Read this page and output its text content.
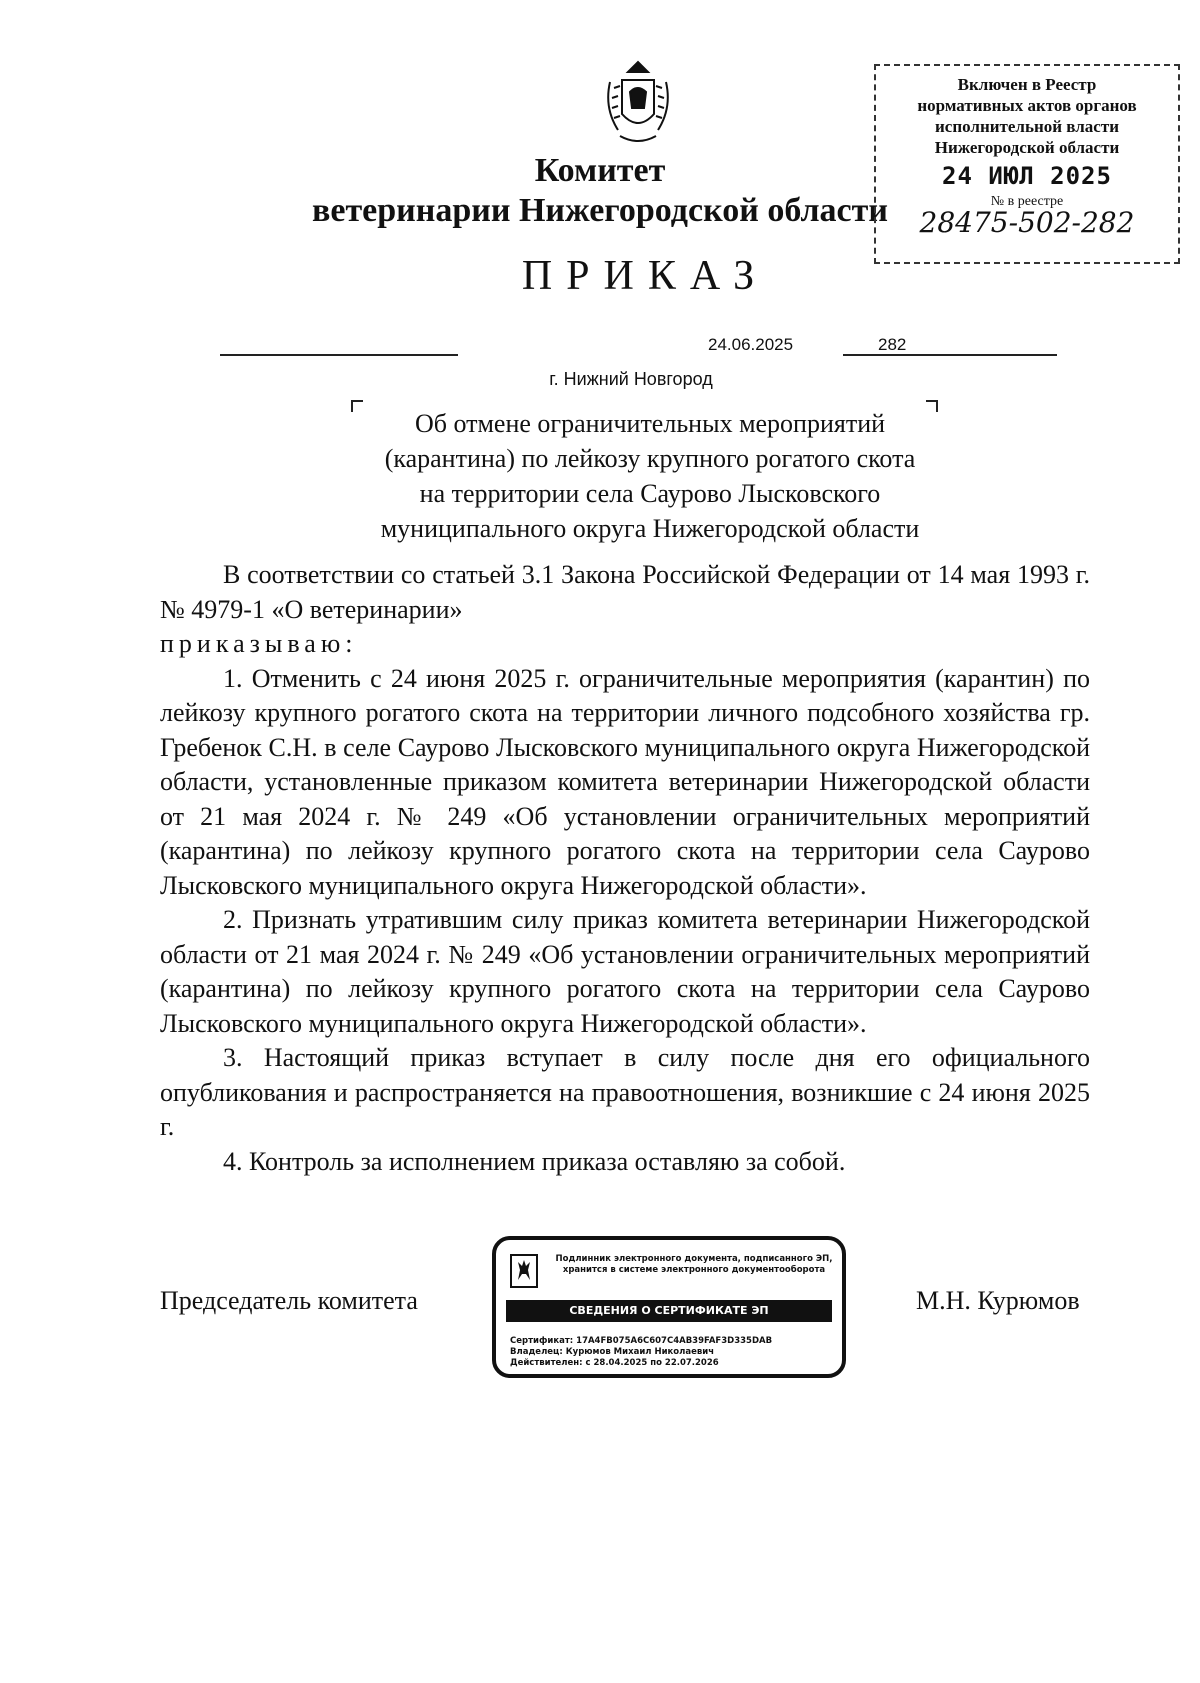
Комитет
ветеринарии Нижегородской области
ПРИКАЗ
Включен в Реестр
нормативных актов органов
исполнительной власти
Нижегородской области
24 ИЮЛ 2025
№ в реестре
28475-502-282
24.06.2025	282
г. Нижний Новгород
Об отмене ограничительных мероприятий
(карантина) по лейкозу крупного рогатого скота
на территории села Саурово Лысковского
муниципального округа Нижегородской области

В соответствии со статьей 3.1 Закона Российской Федерации от 14 мая 1993 г. № 4979-1 «О ветеринарии»

приказываю:

1. Отменить с 24 июня 2025 г. ограничительные мероприятия (карантин) по лейкозу крупного рогатого скота на территории личного подсобного хозяйства гр. Гребенок С.Н. в селе Саурово Лысковского муниципального округа Нижегородской области, установленные приказом комитета ветеринарии Нижегородской области от 21 мая 2024 г. № 249 «Об установлении ограничительных мероприятий (карантина) по лейкозу крупного рогатого скота на территории села Саурово Лысковского муниципального округа Нижегородской области».

2. Признать утратившим силу приказ комитета ветеринарии Нижегородской области от 21 мая 2024 г. № 249 «Об установлении ограничительных мероприятий (карантина) по лейкозу крупного рогатого скота на территории села Саурово Лысковского муниципального округа Нижегородской области».

3. Настоящий приказ вступает в силу после дня его официального опубликования и распространяется на правоотношения, возникшие с 24 июня 2025 г.

4. Контроль за исполнением приказа оставляю за собой.

Председатель комитета	М.Н. Курюмов
Подлинник электронного документа, подписанного ЭП, хранится в системе электронного документооборота
СВЕДЕНИЯ О СЕРТИФИКАТЕ ЭП
Сертификат: 17A4FB075A6C607C4AB39FAF3D335DAB
Владелец: Курюмов Михаил Николаевич
Действителен: с 28.04.2025 по 22.07.2026
